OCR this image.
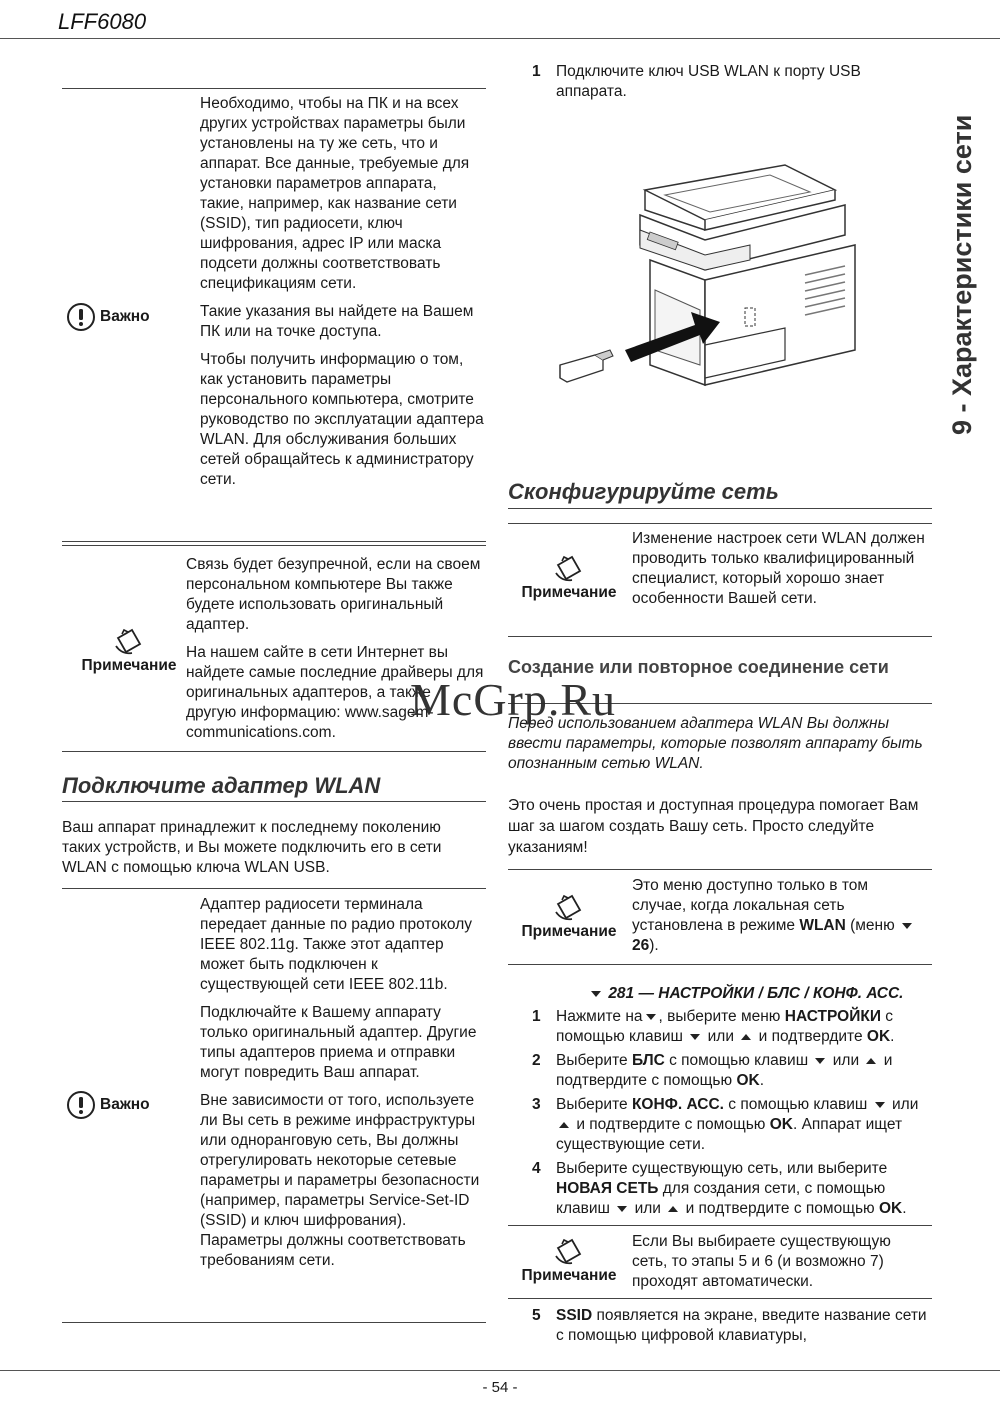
LFF6080
9 - Характеристики сети
Важно

Необходимо, чтобы на ПК и на всех других устройствах параметры были установлены на ту же сеть, что и аппарат. Все данные, требуемые для установки параметров аппарата, такие, например, как название сети (SSID), тип радиосети, ключ шифрования, адрес IP или маска подсети должны соответствовать спецификациям сети.

Такие указания вы найдете на Вашем ПК или на точке доступа.

Чтобы получить информацию о том, как установить параметры персонального компьютера, смотрите руководство по эксплуатации адаптера WLAN. Для обслуживания больших сетей обращайтесь к администратору сети.

Примечание

Связь будет безупречной, если на своем персональном компьютере Вы также будете использовать оригинальный адаптер.

На нашем сайте в сети Интернет вы найдете самые последние драйверы для оригинальных адаптеров, а также другую информацию: www.sagem-communications.com.

Подключите адаптер WLAN
Ваш аппарат принадлежит к последнему поколению таких устройств, и Вы можете подключить его в сети WLAN с помощью ключа WLAN USB.
Важно

Адаптер радиосети терминала передает данные по радио протоколу IEEE 802.11g. Также этот адаптер может быть подключен к существующей сети IEEE 802.11b.

Подключайте к Вашему аппарату только оригинальный адаптер. Другие типы адаптеров приема и отправки могут повредить Ваш аппарат.

Вне зависимости от того, используете ли Вы сеть в режиме инфраструктуры или одноранговую сеть, Вы должны отрегулировать некоторые сетевые параметры и параметры безопасности (например, параметры Service-Set-ID (SSID) и ключ шифрования). Параметры должны соответствовать требованиям сети.

1 Подключите ключ USB WLAN к порту USB аппарата.
Сконфигурируйте сеть
Примечание
Изменение настроек сети WLAN должен проводить только квалифицированный специалист, который хорошо знает особенности Вашей сети.
Создание или повторное соединение сети
Перед использованием адаптера WLAN Вы должны ввести параметры, которые позволят аппарату быть опознанным сетью WLAN.
Это очень простая и доступная процедура помогает Вам шаг за шагом создать Вашу сеть. Просто следуйте указаниям!
Примечание
Это меню доступно только в том случае, когда локальная сеть установлена в режиме WLAN (меню 26).
281 — НАСТРОЙКИ / БЛС / КОНФ. АСС.
1 Нажмите на , выберите меню НАСТРОЙКИ с помощью клавиш или и подтвердите OK.
2 Выберите БЛС с помощью клавиш или и подтвердите с помощью OK.
3 Выберите КОНФ. АСС. с помощью клавиш или  и подтвердите с помощью OK. Аппарат ищет существующие сети.
4 Выберите существующую сеть, или выберите НОВАЯ СЕТЬ для создания сети, с помощью клавиш или и подтвердите с помощью OK.
Примечание
Если Вы выбираете существующую сеть, то этапы 5 и 6 (и возможно 7) проходят автоматически.
5 SSID появляется на экране, введите название сети с помощью цифровой клавиатуры,
McGrp.Ru
- 54 -
